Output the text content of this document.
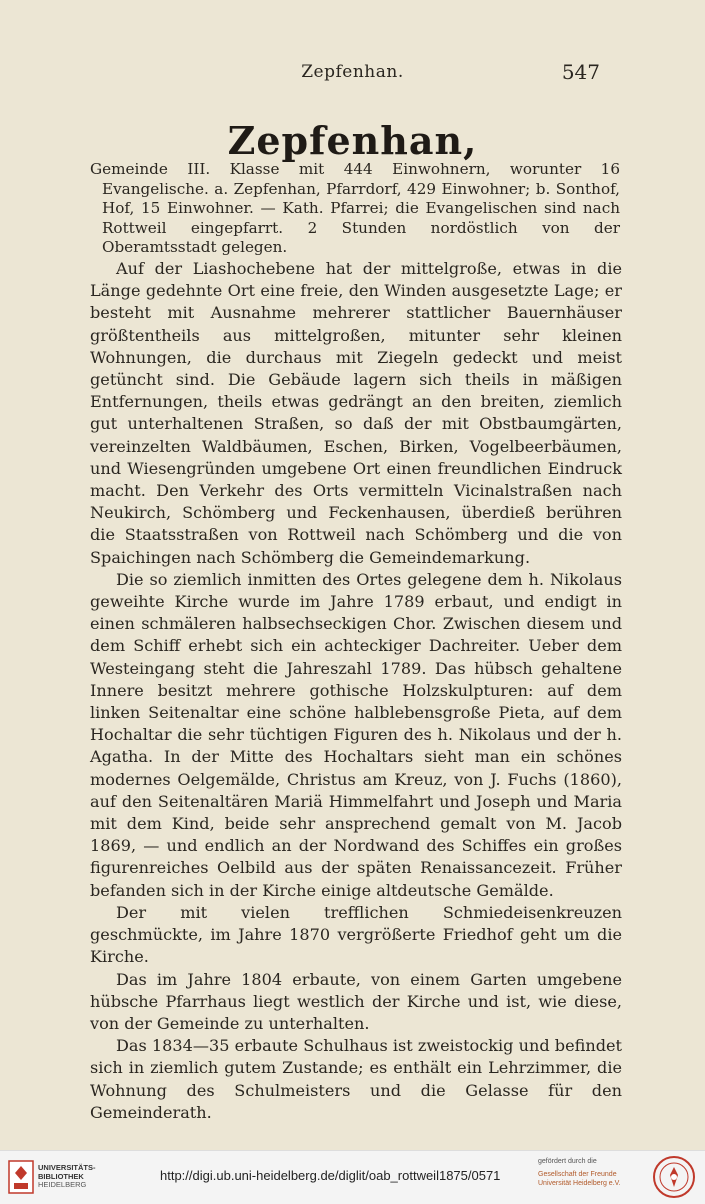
Zepfenhan.	547
Zepfenhan,

Gemeinde III. Klasse mit 444 Einwohnern, worunter 16 Evangelische. a. Zepfenhan, Pfarrdorf, 429 Einwohner; b. Sonthof, Hof, 15 Einwohner. — Kath. Pfarrei; die Evangelischen sind nach Rottweil eingepfarrt. 2 Stunden nordöstlich von der Oberamtsstadt gelegen.

Auf der Liashochebene hat der mittelgroße, etwas in die Länge gedehnte Ort eine freie, den Winden ausgesetzte Lage; er besteht mit Ausnahme mehrerer stattlicher Bauernhäuser größtentheils aus mittelgroßen, mitunter sehr kleinen Wohnungen, die durchaus mit Ziegeln gedeckt und meist getüncht sind. Die Gebäude lagern sich theils in mäßigen Entfernungen, theils etwas gedrängt an den breiten, ziemlich gut unterhaltenen Straßen, so daß der mit Obstbaumgärten, vereinzelten Waldbäumen, Eschen, Birken, Vogelbeerbäumen, und Wiesengründen umgebene Ort einen freundlichen Eindruck macht. Den Verkehr des Orts vermitteln Vicinalstraßen nach Neukirch, Schömberg und Feckenhausen, überdieß berühren die Staatsstraßen von Rottweil nach Schömberg und die von Spaichingen nach Schömberg die Gemeindemarkung.

Die so ziemlich inmitten des Ortes gelegene dem h. Nikolaus geweihte Kirche wurde im Jahre 1789 erbaut, und endigt in einen schmäleren halbsechseckigen Chor. Zwischen diesem und dem Schiff erhebt sich ein achteckiger Dachreiter. Ueber dem Westeingang steht die Jahreszahl 1789. Das hübsch gehaltene Innere besitzt mehrere gothische Holzskulpturen: auf dem linken Seitenaltar eine schöne halblebensgroße Pieta, auf dem Hochaltar die sehr tüchtigen Figuren des h. Nikolaus und der h. Agatha. In der Mitte des Hochaltars sieht man ein schönes modernes Oelgemälde, Christus am Kreuz, von J. Fuchs (1860), auf den Seitenaltären Mariä Himmelfahrt und Joseph und Maria mit dem Kind, beide sehr ansprechend gemalt von M. Jacob 1869, — und endlich an der Nordwand des Schiffes ein großes figurenreiches Oelbild aus der späten Renaissancezeit. Früher befanden sich in der Kirche einige altdeutsche Gemälde.

Der mit vielen trefflichen Schmiedeisenkreuzen geschmückte, im Jahre 1870 vergrößerte Friedhof geht um die Kirche.

Das im Jahre 1804 erbaute, von einem Garten umgebene hübsche Pfarrhaus liegt westlich der Kirche und ist, wie diese, von der Gemeinde zu unterhalten.

Das 1834—35 erbaute Schulhaus ist zweistockig und befindet sich in ziemlich gutem Zustande; es enthält ein Lehrzimmer, die Wohnung des Schulmeisters und die Gelasse für den Gemeinderath.

UNIVERSITÄTS-
BIBLIOTHEK
HEIDELBERG
http://digi.ub.uni-heidelberg.de/diglit/oab_rottweil1875/0571
gefördert durch die
Gesellschaft der Freunde
Universität Heidelberg e.V.
